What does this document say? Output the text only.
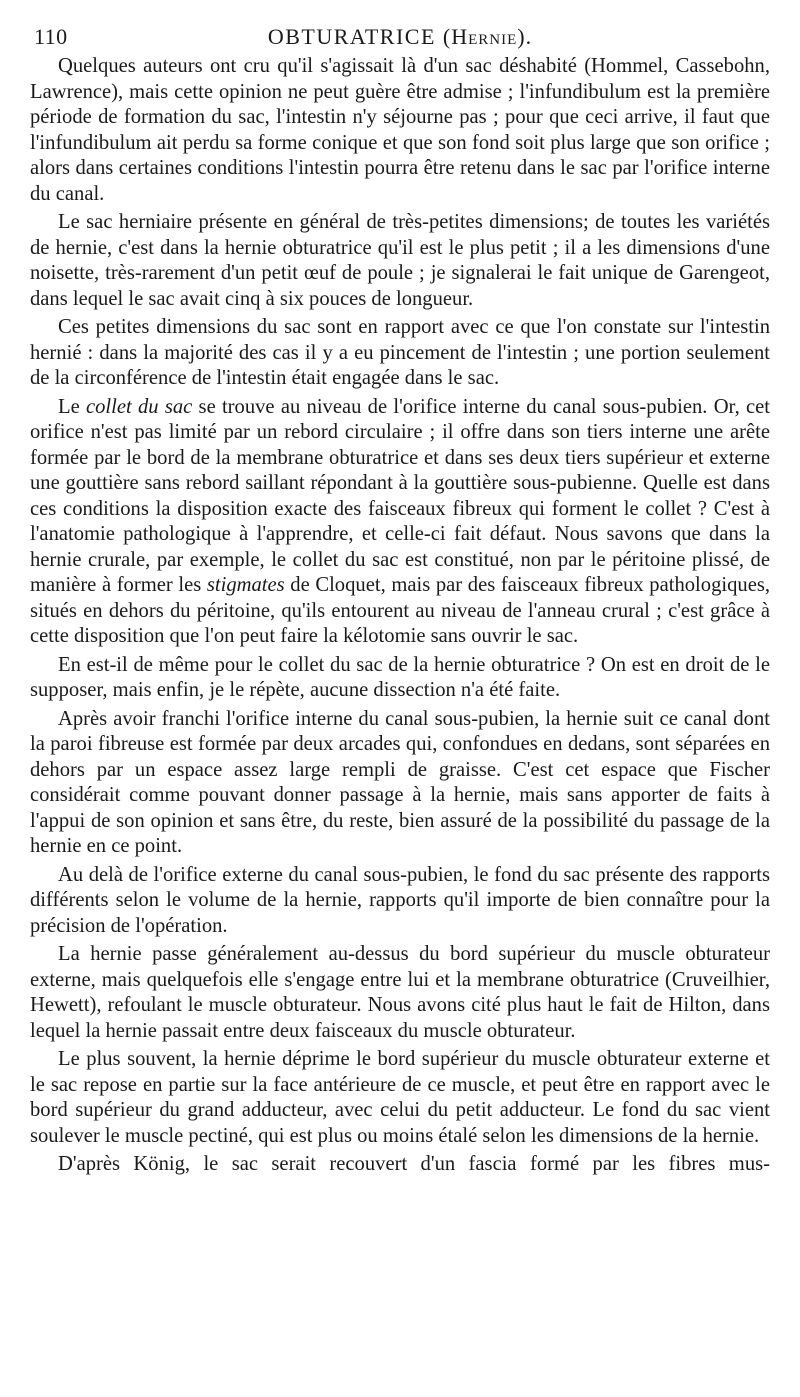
110	OBTURATRICE (Hernie).

Quelques auteurs ont cru qu'il s'agissait là d'un sac déshabité (Hommel, Cassebohn, Lawrence), mais cette opinion ne peut guère être admise ; l'infundibulum est la première période de formation du sac, l'intestin n'y séjourne pas ; pour que ceci arrive, il faut que l'infundibulum ait perdu sa forme conique et que son fond soit plus large que son orifice ; alors dans certaines conditions l'intestin pourra être retenu dans le sac par l'orifice interne du canal.

Le sac herniaire présente en général de très-petites dimensions; de toutes les variétés de hernie, c'est dans la hernie obturatrice qu'il est le plus petit ; il a les dimensions d'une noisette, très-rarement d'un petit œuf de poule ; je signalerai le fait unique de Garengeot, dans lequel le sac avait cinq à six pouces de longueur.

Ces petites dimensions du sac sont en rapport avec ce que l'on constate sur l'intestin hernié : dans la majorité des cas il y a eu pincement de l'intestin ; une portion seulement de la circonférence de l'intestin était engagée dans le sac.

Le collet du sac se trouve au niveau de l'orifice interne du canal sous-pubien. Or, cet orifice n'est pas limité par un rebord circulaire ; il offre dans son tiers interne une arête formée par le bord de la membrane obturatrice et dans ses deux tiers supérieur et externe une gouttière sans rebord saillant répondant à la gouttière sous-pubienne. Quelle est dans ces conditions la disposition exacte des faisceaux fibreux qui forment le collet ? C'est à l'anatomie pathologique à l'apprendre, et celle-ci fait défaut. Nous savons que dans la hernie crurale, par exemple, le collet du sac est constitué, non par le péritoine plissé, de manière à former les stigmates de Cloquet, mais par des faisceaux fibreux pathologiques, situés en dehors du péritoine, qu'ils entourent au niveau de l'anneau crural ; c'est grâce à cette disposition que l'on peut faire la kélotomie sans ouvrir le sac.

En est-il de même pour le collet du sac de la hernie obturatrice ? On est en droit de le supposer, mais enfin, je le répète, aucune dissection n'a été faite.

Après avoir franchi l'orifice interne du canal sous-pubien, la hernie suit ce canal dont la paroi fibreuse est formée par deux arcades qui, confondues en dedans, sont séparées en dehors par un espace assez large rempli de graisse. C'est cet espace que Fischer considérait comme pouvant donner passage à la hernie, mais sans apporter de faits à l'appui de son opinion et sans être, du reste, bien assuré de la possibilité du passage de la hernie en ce point.

Au delà de l'orifice externe du canal sous-pubien, le fond du sac présente des rapports différents selon le volume de la hernie, rapports qu'il importe de bien connaître pour la précision de l'opération.

La hernie passe généralement au-dessus du bord supérieur du muscle obturateur externe, mais quelquefois elle s'engage entre lui et la membrane obturatrice (Cruveilhier, Hewett), refoulant le muscle obturateur. Nous avons cité plus haut le fait de Hilton, dans lequel la hernie passait entre deux faisceaux du muscle obturateur.

Le plus souvent, la hernie déprime le bord supérieur du muscle obturateur externe et le sac repose en partie sur la face antérieure de ce muscle, et peut être en rapport avec le bord supérieur du grand adducteur, avec celui du petit adducteur. Le fond du sac vient soulever le muscle pectiné, qui est plus ou moins étalé selon les dimensions de la hernie.

D'après König, le sac serait recouvert d'un fascia formé par les fibres mus-
